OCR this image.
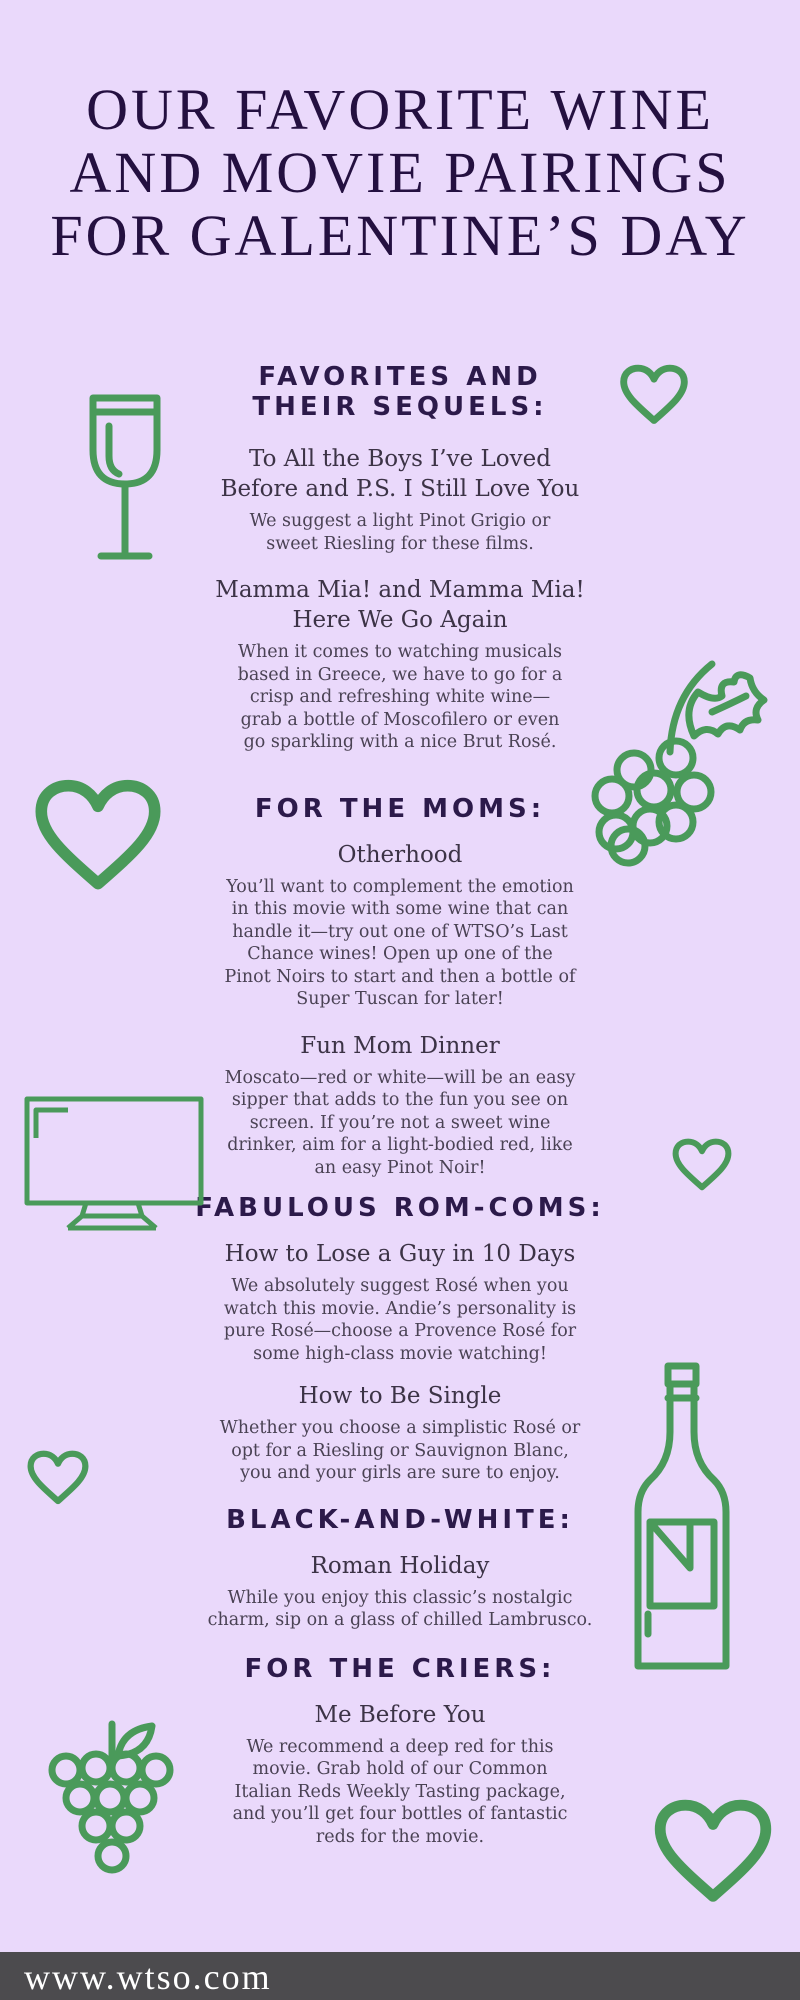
OUR FAVORITE WINE
AND MOVIE PAIRINGS
FOR GALENTINE’S DAY
FAVORITES AND
THEIR SEQUELS:
To All the Boys I’ve Loved
Before and P.S. I Still Love You
We suggest a light Pinot Grigio or
sweet Riesling for these films.
Mamma Mia! and Mamma Mia!
Here We Go Again
When it comes to watching musicals
based in Greece, we have to go for a
crisp and refreshing white wine—
grab a bottle of Moscofilero or even
go sparkling with a nice Brut Rosé.
FOR THE MOMS:
Otherhood
You’ll want to complement the emotion
in this movie with some wine that can
handle it—try out one of WTSO’s Last
Chance wines! Open up one of the
Pinot Noirs to start and then a bottle of
Super Tuscan for later!
Fun Mom Dinner
Moscato—red or white—will be an easy
sipper that adds to the fun you see on
screen. If you’re not a sweet wine
drinker, aim for a light-bodied red, like
an easy Pinot Noir!
FABULOUS ROM-COMS:
How to Lose a Guy in 10 Days
We absolutely suggest Rosé when you
watch this movie. Andie’s personality is
pure Rosé—choose a Provence Rosé for
some high-class movie watching!
How to Be Single
Whether you choose a simplistic Rosé or
opt for a Riesling or Sauvignon Blanc,
you and your girls are sure to enjoy.
BLACK-AND-WHITE:
Roman Holiday
While you enjoy this classic’s nostalgic
charm, sip on a glass of chilled Lambrusco.
FOR THE CRIERS:
Me Before You
We recommend a deep red for this
movie. Grab hold of our Common
Italian Reds Weekly Tasting package,
and you’ll get four bottles of fantastic
reds for the movie.
www.wtso.com
